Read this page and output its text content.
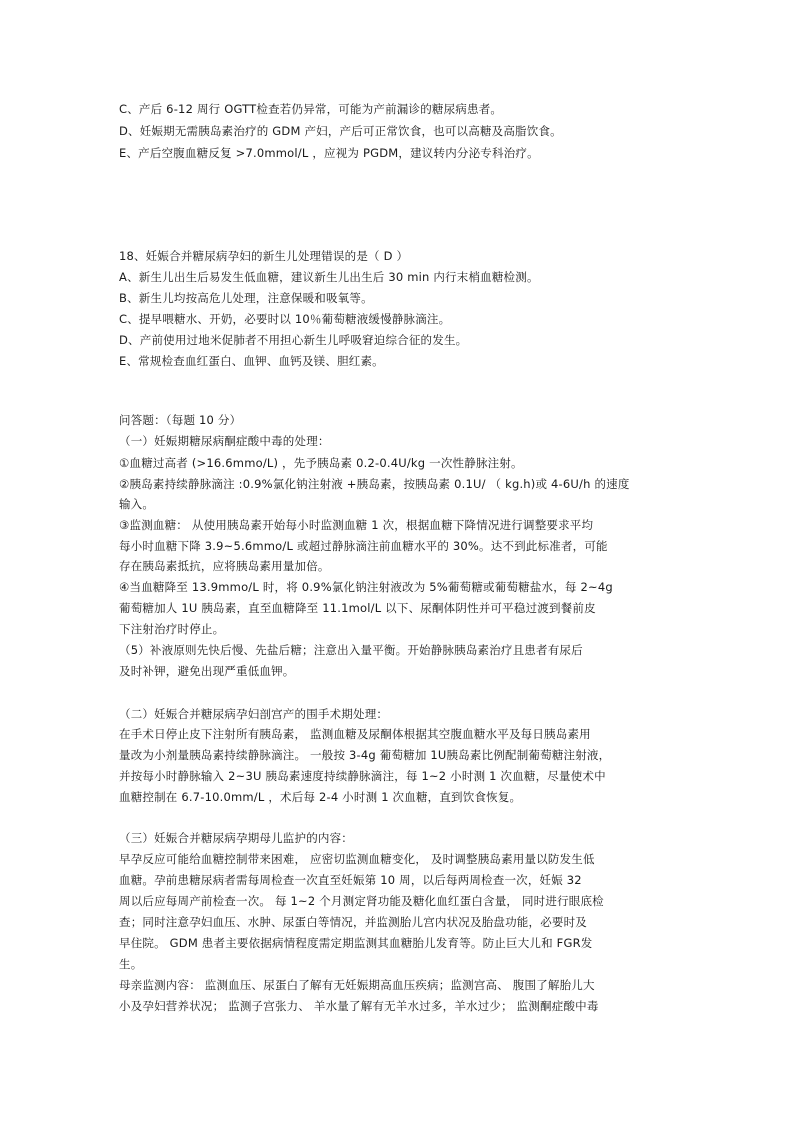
C、产后 6-12 周行 OGTT检查若仍异常，可能为产前漏诊的糖尿病患者。
D、妊娠期无需胰岛素治疗的 GDM 产妇，产后可正常饮食，也可以高糖及高脂饮食。
E、产后空腹血糖反复 >7.0mmol/L ，应视为 PGDM，建议转内分泌专科治疗。
18、妊娠合并糖尿病孕妇的新生儿处理错误的是（ D ）
A、新生儿出生后易发生低血糖，建议新生儿出生后 30 min 内行末梢血糖检测。
B、新生儿均按高危儿处理，注意保暖和吸氧等。
C、提早喂糖水、开奶，必要时以 10％葡萄糖液缓慢静脉滴注。
D、产前使用过地米促肺者不用担心新生儿呼吸窘迫综合征的发生。
E、常规检查血红蛋白、血钾、血钙及镁、胆红素。
问答题：（每题 10 分）
（一）妊娠期糖尿病酮症酸中毒的处理：
①血糖过高者 (>16.6mmo/L) ，先予胰岛素 0.2-0.4U/kg 一次性静脉注射。
②胰岛素持续静脉滴注 :0.9%氯化钠注射液 +胰岛素，按胰岛素 0.1U/ （ kg.h)或 4-6U/h 的速度
输入。
③监测血糖： 从使用胰岛素开始每小时监测血糖 1 次，根据血糖下降情况进行调整要求平均
每小时血糖下降 3.9~5.6mmo/L 或超过静脉滴注前血糖水平的 30%。达不到此标准者，可能
存在胰岛素抵抗，应将胰岛素用量加倍。
④当血糖降至 13.9mmo/L 时，将 0.9%氯化钠注射液改为 5%葡萄糖或葡萄糖盐水，每 2~4g
葡萄糖加人 1U 胰岛素，直至血糖降至 11.1mol/L 以下、尿酮体阴性并可平稳过渡到餐前皮
下注射治疗时停止。
（5）补液原则先快后慢、先盐后糖；注意出入量平衡。开始静脉胰岛素治疗且患者有尿后
及时补钾，避免出现严重低血钾。
（二）妊娠合并糖尿病孕妇剖宫产的围手术期处理：
在手术日停止皮下注射所有胰岛素， 监测血糖及尿酮体根据其空腹血糖水平及每日胰岛素用
量改为小剂量胰岛素持续静脉滴注。 一般按 3-4g 葡萄糖加 1U胰岛素比例配制葡萄糖注射液，
并按每小时静脉输入 2~3U 胰岛素速度持续静脉滴注，每 1~2 小时测 1 次血糖，尽量使术中
血糖控制在 6.7-10.0mm/L ，术后每 2-4 小时测 1 次血糖，直到饮食恢复。
（三）妊娠合并糖尿病孕期母儿监护的内容：
早孕反应可能给血糖控制带来困难， 应密切监测血糖变化， 及时调整胰岛素用量以防发生低
血糖。孕前患糖尿病者需每周检查一次直至妊娠第 10 周，以后每两周检查一次，妊娠 32
周以后应每周产前检查一次。 每 1~2 个月测定肾功能及糖化血红蛋白含量， 同时进行眼底检
查；同时注意孕妇血压、水肿、尿蛋白等情况，并监测胎儿宫内状况及胎盘功能，必要时及
早住院。 GDM 患者主要依据病情程度需定期监测其血糖胎儿发育等。防止巨大儿和 FGR发
生。
母亲监测内容： 监测血压、尿蛋白了解有无妊娠期高血压疾病；监测宫高、 腹围了解胎儿大
小及孕妇营养状况； 监测子宫张力、 羊水量了解有无羊水过多，羊水过少； 监测酮症酸中毒
